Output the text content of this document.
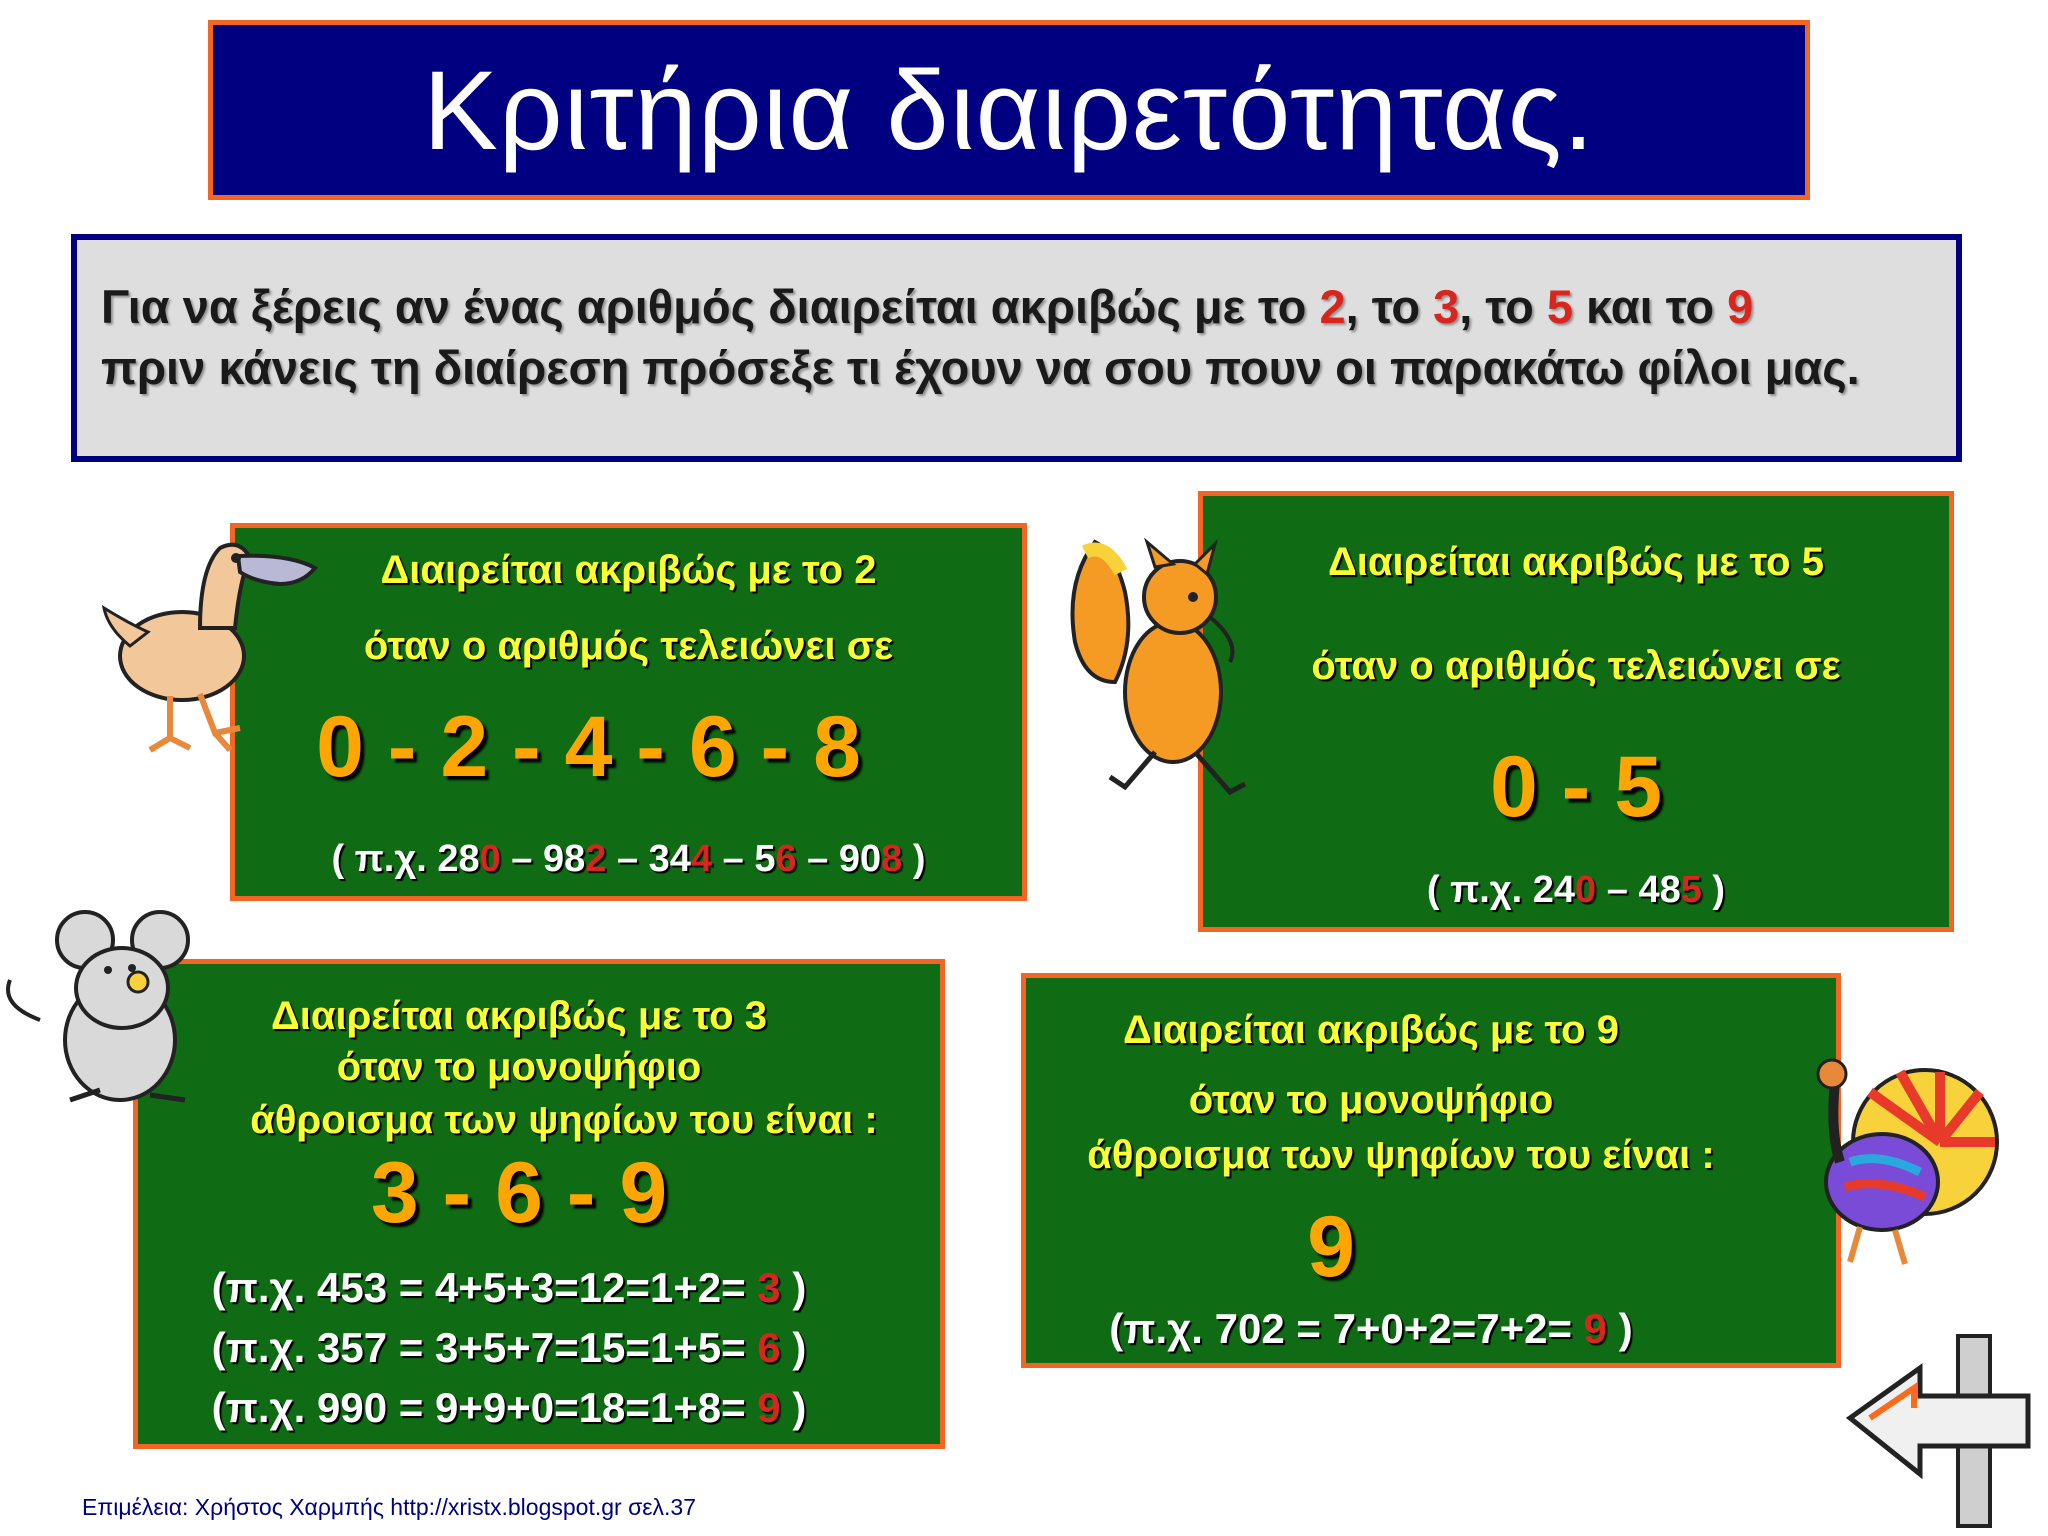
Κριτήρια διαιρετότητας.
Για να ξέρεις αν ένας αριθμός διαιρείται ακριβώς με το 2, το 3, το 5 και το 9
πριν κάνεις τη διαίρεση πρόσεξε τι έχουν να σου πουν οι παρακάτω φίλοι μας.
Διαιρείται ακριβώς με το 2
όταν ο αριθμός τελειώνει σε
0 - 2 - 4 - 6 - 8
( π.χ. 280 – 982 – 344 – 56 – 908 )
Διαιρείται ακριβώς με το 5
όταν ο αριθμός τελειώνει σε
0 - 5
( π.χ. 240 – 485 )
Διαιρείται ακριβώς με το 3
όταν το μονοψήφιο
άθροισμα των ψηφίων του είναι :
3 - 6 - 9
(π.χ. 453 = 4+5+3=12=1+2= 3 )
(π.χ. 357 = 3+5+7=15=1+5= 6 )
(π.χ. 990 = 9+9+0=18=1+8= 9 )
Διαιρείται ακριβώς με το 9
όταν το μονοψήφιο
άθροισμα των ψηφίων του είναι :
9
(π.χ. 702 = 7+0+2=7+2= 9 )
Επιμέλεια: Χρήστος Χαρμπής http://xristx.blogspot.gr σελ.37
